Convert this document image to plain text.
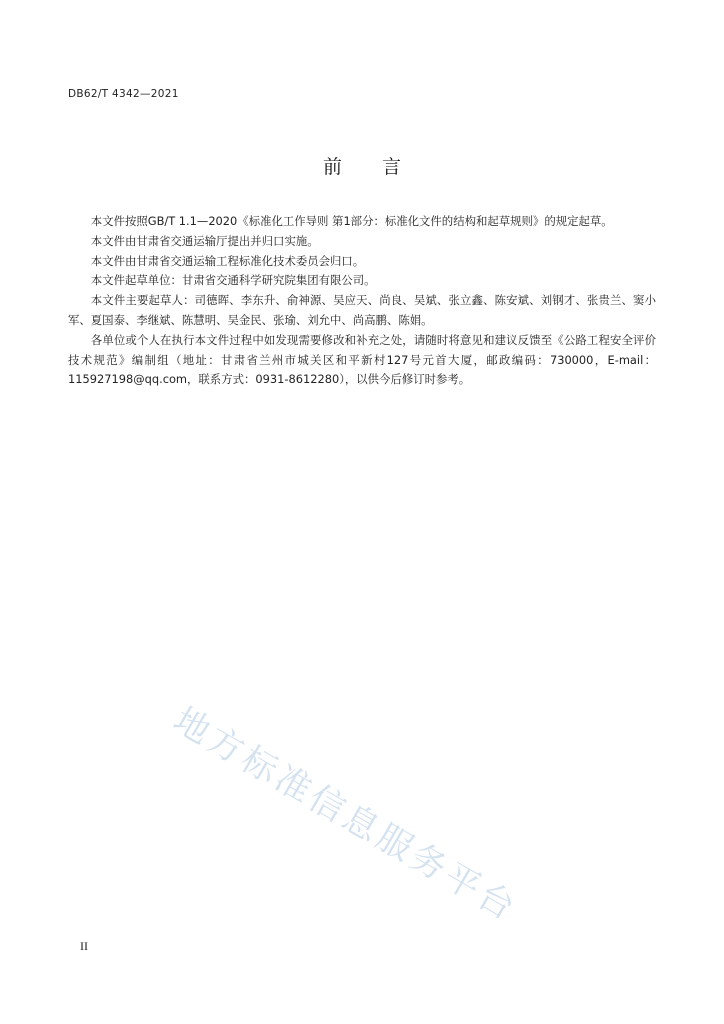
DB62/T 4342—2021
前言

本文件按照GB/T 1.1—2020《标准化工作导则 第1部分：标准化文件的结构和起草规则》的规定起草。

本文件由甘肃省交通运输厅提出并归口实施。

本文件由甘肃省交通运输工程标准化技术委员会归口。

本文件起草单位：甘肃省交通科学研究院集团有限公司。

本文件主要起草人：司德晖、李东升、俞神源、吴应天、尚良、吴斌、张立鑫、陈安斌、刘钢才、张贵兰、窦小军、夏国泰、李继斌、陈慧明、吴金民、张瑜、刘允中、尚高鹏、陈娟。

各单位或个人在执行本文件过程中如发现需要修改和补充之处，请随时将意见和建议反馈至《公路工程安全评价技术规范》编制组（地址：甘肃省兰州市城关区和平新村127号元首大厦，邮政编码：730000，E-mail：115927198@qq.com，联系方式：0931-8612280），以供今后修订时参考。

地方标准信息服务平台
II
